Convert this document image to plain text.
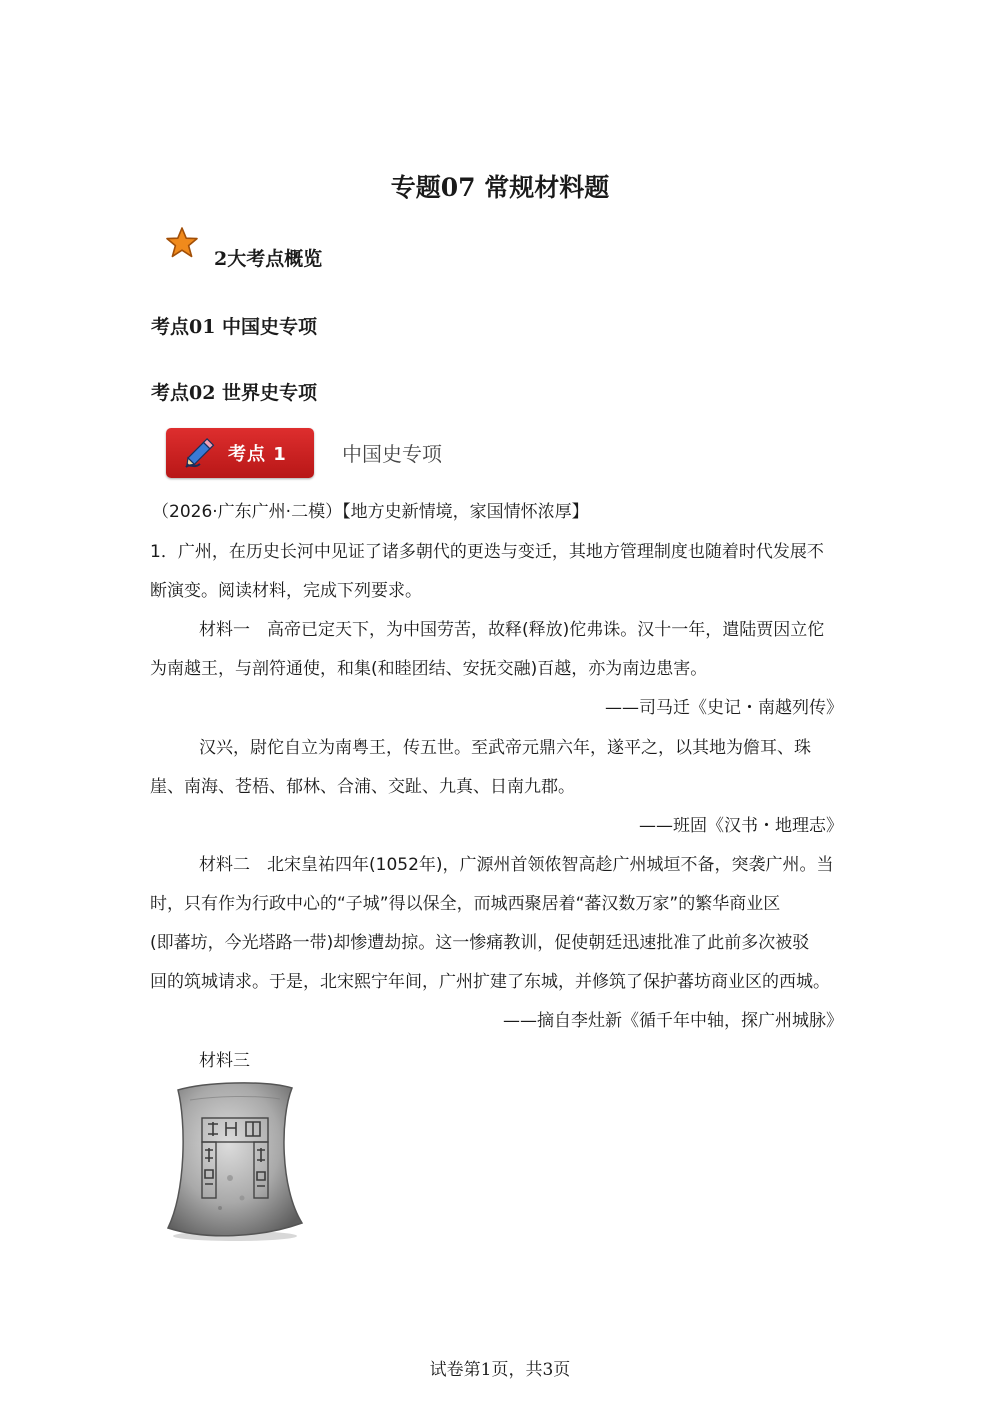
专题07 常规材料题
2大考点概览
考点01 中国史专项
考点02 世界史专项
考点 1	中国史专项
（2026·广东广州·二模）【地方史新情境，家国情怀浓厚】
1．广州，在历史长河中见证了诸多朝代的更迭与变迁，其地方管理制度也随着时代发展不
断演变。阅读材料，完成下列要求。
材料一　高帝已定天下，为中国劳苦，故释(释放)佗弗诛。汉十一年，遣陆贾因立佗
为南越王，与剖符通使，和集(和睦团结、安抚交融)百越，亦为南边患害。
——司马迁《史记・南越列传》
汉兴，尉佗自立为南粤王，传五世。至武帝元鼎六年，遂平之，以其地为儋耳、珠
崖、南海、苍梧、郁林、合浦、交趾、九真、日南九郡。
——班固《汉书・地理志》
材料二　北宋皇祐四年(1052年)，广源州首领侬智高趁广州城垣不备，突袭广州。当
时，只有作为行政中心的“子城”得以保全，而城西聚居着“蕃汉数万家”的繁华商业区
(即蕃坊，今光塔路一带)却惨遭劫掠。这一惨痛教训，促使朝廷迅速批准了此前多次被驳
回的筑城请求。于是，北宋熙宁年间，广州扩建了东城，并修筑了保护蕃坊商业区的西城。
——摘自李灶新《循千年中轴，探广州城脉》
材料三
试卷第1页，共3页
